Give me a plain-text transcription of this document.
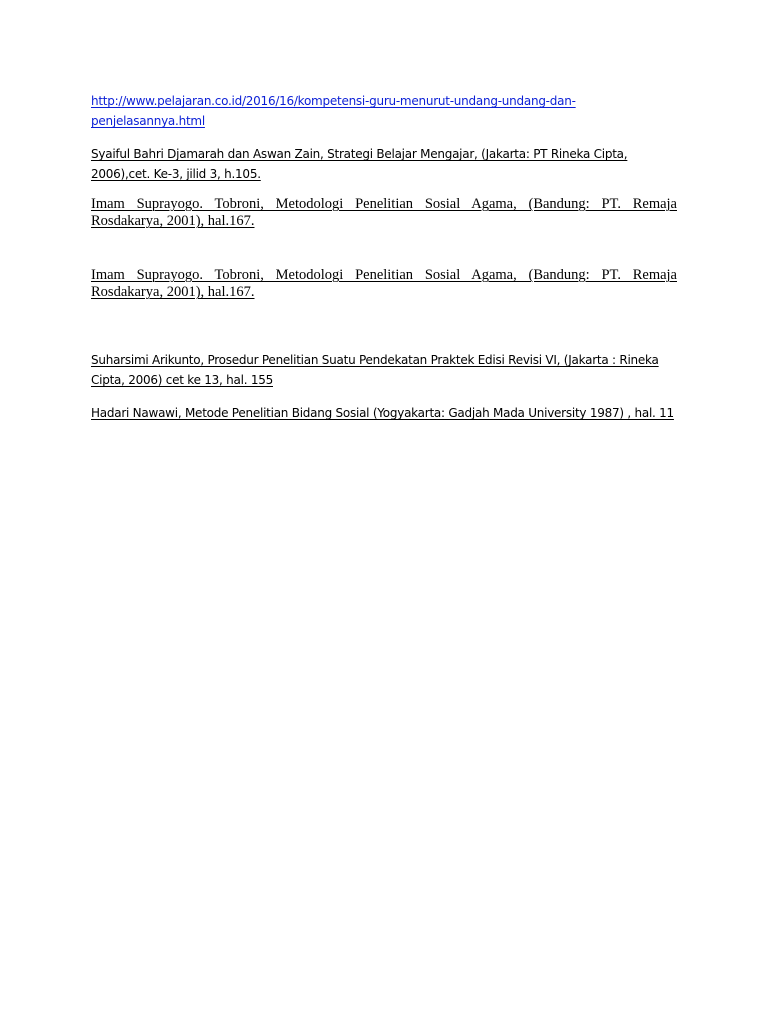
http://www.pelajaran.co.id/2016/16/kompetensi-guru-menurut-undang-undang-dan-penjelasannya.html

Syaiful Bahri Djamarah dan Aswan Zain, Strategi Belajar Mengajar, (Jakarta: PT Rineka Cipta, 2006),cet. Ke-3, jilid 3, h.105.

Imam Suprayogo. Tobroni, Metodologi Penelitian Sosial Agama, (Bandung: PT. Remaja Rosdakarya, 2001), hal.167.

Imam Suprayogo. Tobroni, Metodologi Penelitian Sosial Agama, (Bandung: PT. Remaja Rosdakarya, 2001), hal.167.

Suharsimi Arikunto, Prosedur Penelitian Suatu Pendekatan Praktek Edisi Revisi VI, (Jakarta : Rineka Cipta, 2006) cet ke 13, hal. 155

Hadari Nawawi, Metode Penelitian Bidang Sosial (Yogyakarta: Gadjah Mada University 1987) , hal. 11
